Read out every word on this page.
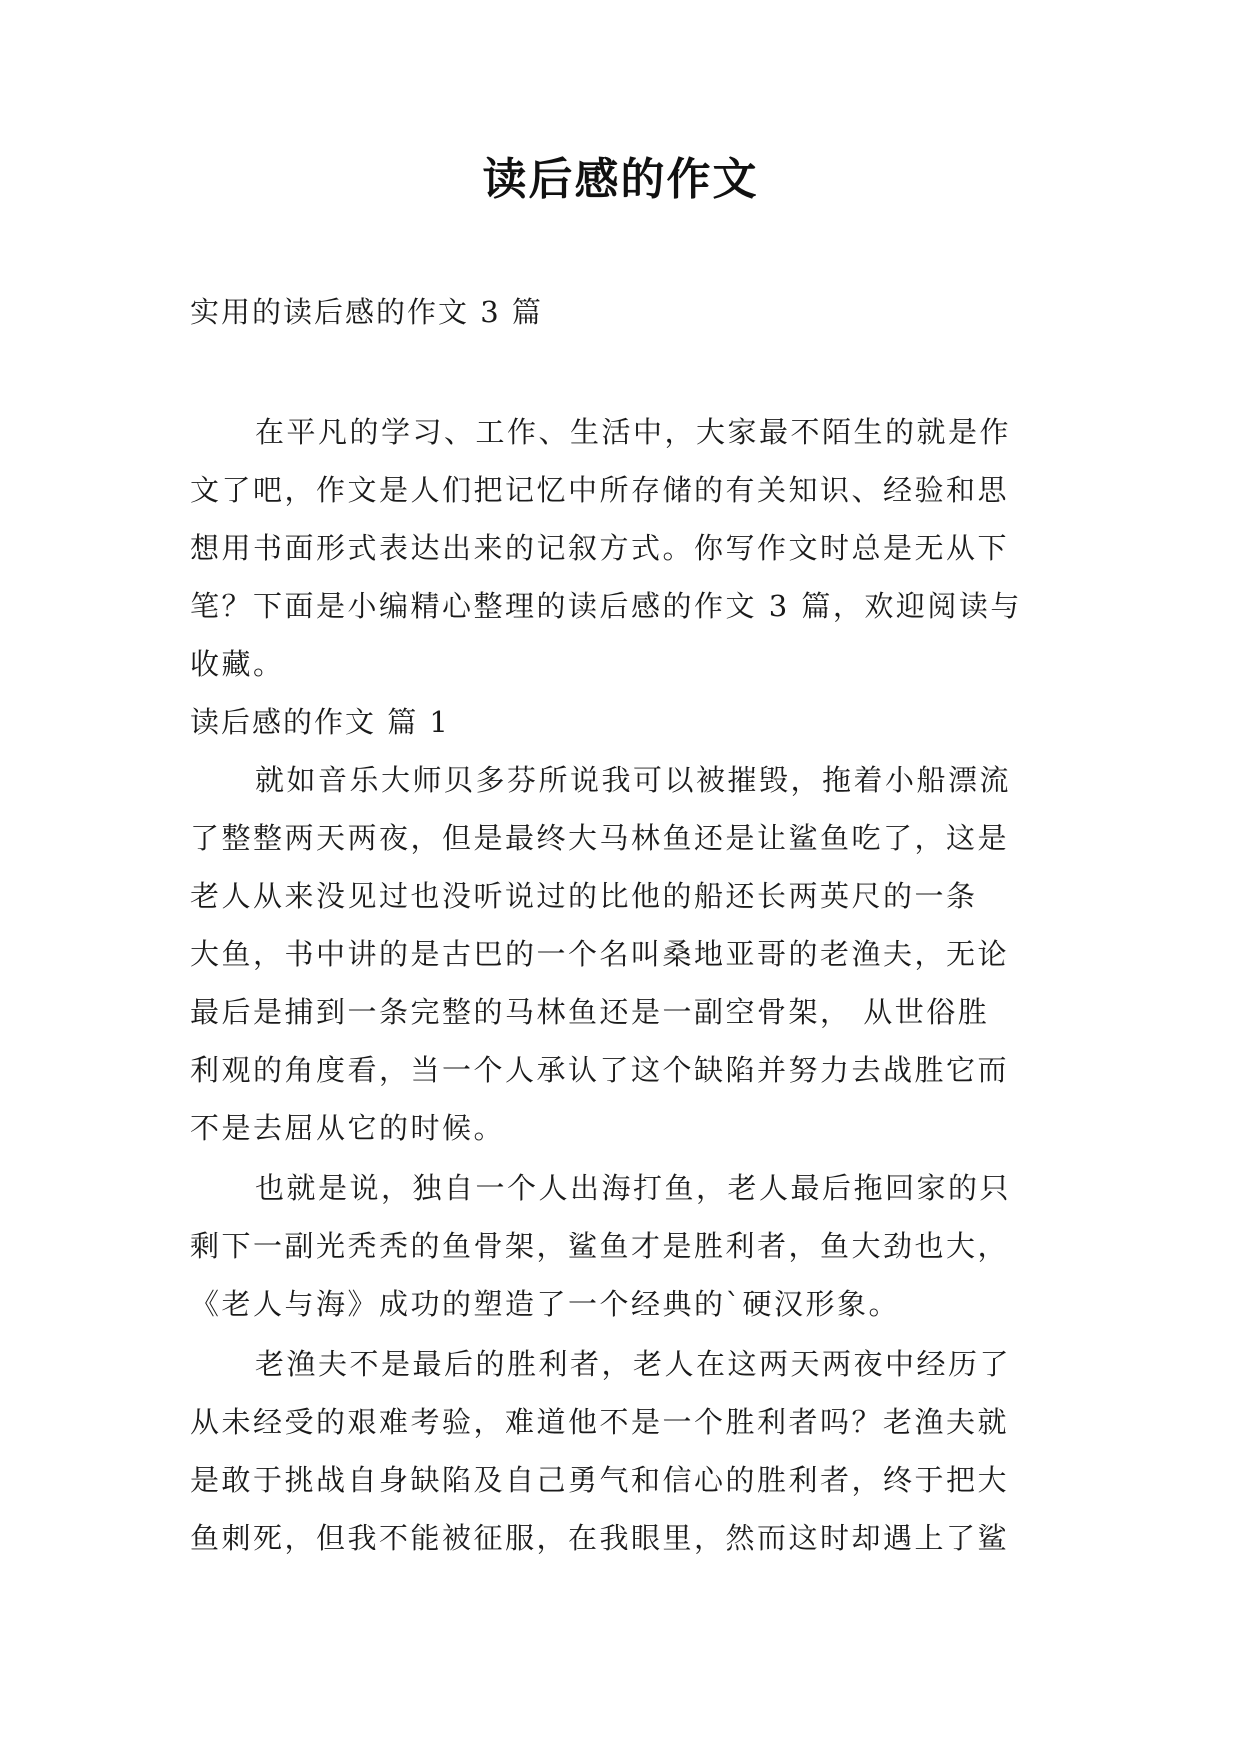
读后感的作文
实用的读后感的作文 3 篇
在平凡的学习、工作、生活中，大家最不陌生的就是作
文了吧，作文是人们把记忆中所存储的有关知识、经验和思
想用书面形式表达出来的记叙方式。你写作文时总是无从下
笔？下面是小编精心整理的读后感的作文 3 篇，欢迎阅读与
收藏。
读后感的作文 篇 1
就如音乐大师贝多芬所说我可以被摧毁，拖着小船漂流
了整整两天两夜，但是最终大马林鱼还是让鲨鱼吃了，这是
老人从来没见过也没听说过的比他的船还长两英尺的一条
大鱼，书中讲的是古巴的一个名叫桑地亚哥的老渔夫，无论
最后是捕到一条完整的马林鱼还是一副空骨架， 从世俗胜
利观的角度看，当一个人承认了这个缺陷并努力去战胜它而
不是去屈从它的时候。
也就是说，独自一个人出海打鱼，老人最后拖回家的只
剩下一副光秃秃的鱼骨架，鲨鱼才是胜利者，鱼大劲也大，
《老人与海》成功的塑造了一个经典的`硬汉形象。
老渔夫不是最后的胜利者，老人在这两天两夜中经历了
从未经受的艰难考验，难道他不是一个胜利者吗？老渔夫就
是敢于挑战自身缺陷及自己勇气和信心的胜利者，终于把大
鱼刺死，但我不能被征服，在我眼里，然而这时却遇上了鲨
